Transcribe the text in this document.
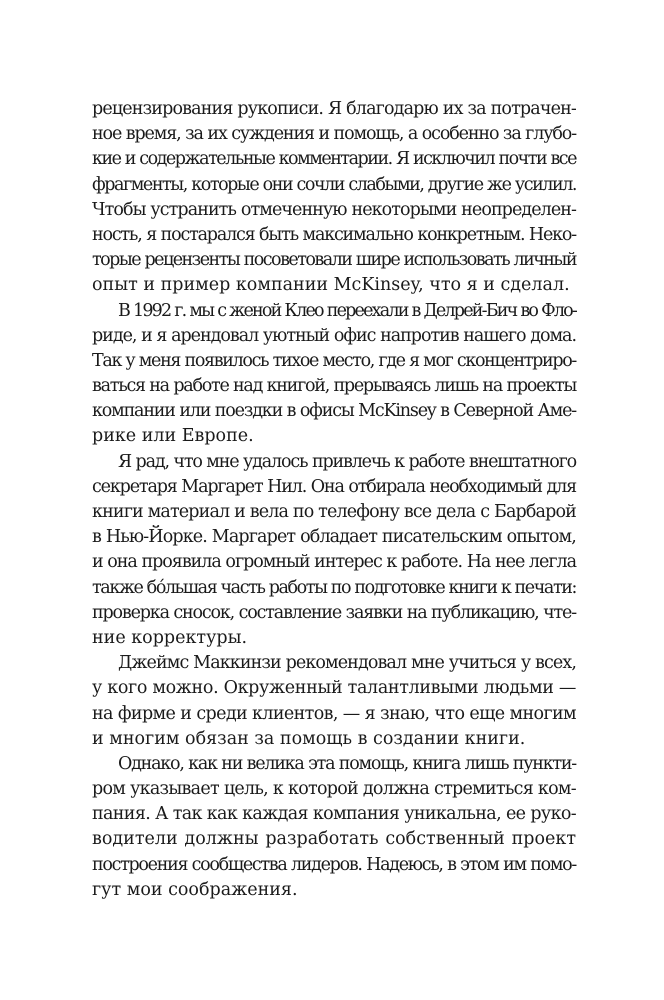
рецензирования рукописи. Я благодарю их за потрачен-
ное время, за их суждения и помощь, а особенно за глубо-
кие и содержательные комментарии. Я исключил почти все
фрагменты, которые они сочли слабыми, другие же усилил.
Чтобы устранить отмеченную некоторыми неопределен-
ность, я постарался быть максимально конкретным. Неко-
торые рецензенты посоветовали шире использовать личный
опыт и пример компании McKinsey, что я и сделал.
В 1992 г. мы с женой Клео переехали в Делрей-Бич во Фло-
риде, и я арендовал уютный офис напротив нашего дома.
Так у меня появилось тихое место, где я мог сконцентриро-
ваться на работе над книгой, прерываясь лишь на проекты
компании или поездки в офисы McKinsey в Северной Аме-
рике или Европе.
Я рад, что мне удалось привлечь к работе внештатного
секретаря Маргарет Нил. Она отбирала необходимый для
книги материал и вела по телефону все дела с Барбарой
в Нью-Йорке. Маргарет обладает писательским опытом,
и она проявила огромный интерес к работе. На нее легла
также бо́льшая часть работы по подготовке книги к печати:
проверка сносок, составление заявки на публикацию, чте-
ние корректуры.
Джеймс Маккинзи рекомендовал мне учиться у всех,
у кого можно. Окруженный талантливыми людьми —
на фирме и среди клиентов, — я знаю, что еще многим
и многим обязан за помощь в создании книги.
Однако, как ни велика эта помощь, книга лишь пункти-
ром указывает цель, к которой должна стремиться ком-
пания. А так как каждая компания уникальна, ее руко-
водители должны разработать собственный проект
построения сообщества лидеров. Надеюсь, в этом им помо-
гут мои соображения.
